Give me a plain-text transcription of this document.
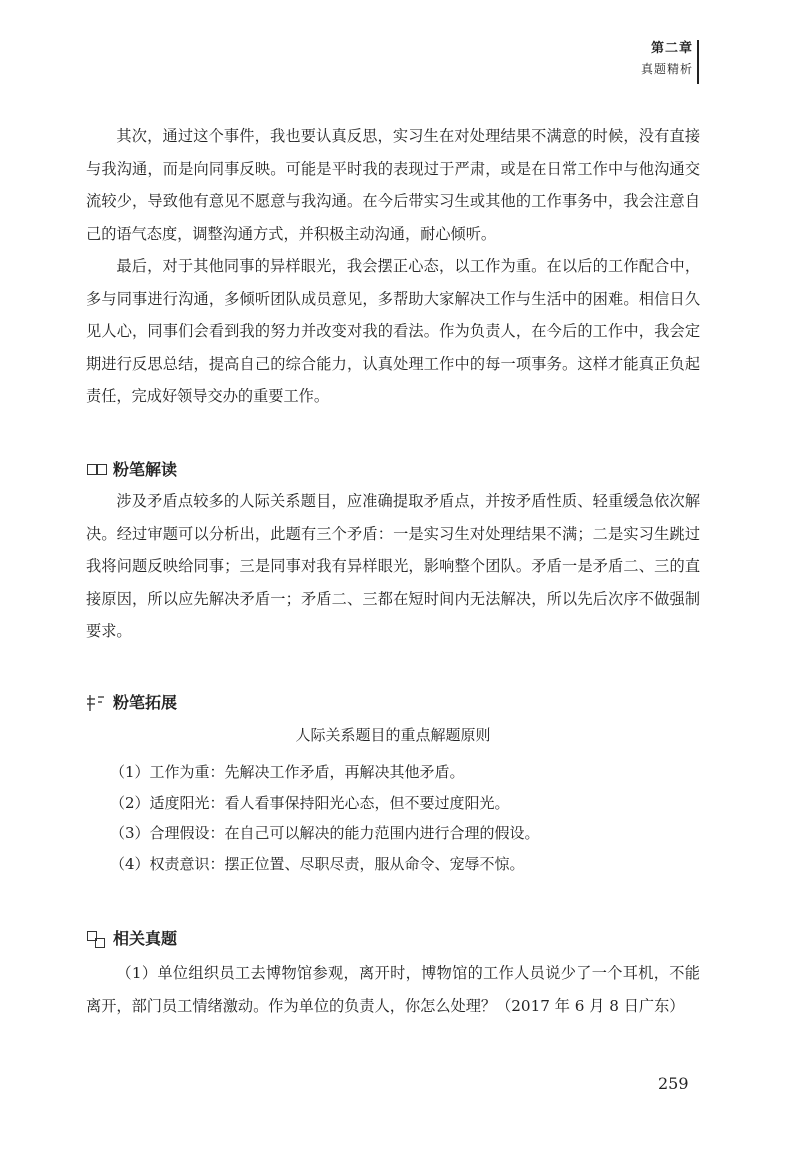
第二章
真题精析

其次，通过这个事件，我也要认真反思，实习生在对处理结果不满意的时候，没有直接与我沟通，而是向同事反映。可能是平时我的表现过于严肃，或是在日常工作中与他沟通交流较少，导致他有意见不愿意与我沟通。在今后带实习生或其他的工作事务中，我会注意自己的语气态度，调整沟通方式，并积极主动沟通，耐心倾听。

最后，对于其他同事的异样眼光，我会摆正心态，以工作为重。在以后的工作配合中，多与同事进行沟通，多倾听团队成员意见，多帮助大家解决工作与生活中的困难。相信日久见人心，同事们会看到我的努力并改变对我的看法。作为负责人，在今后的工作中，我会定期进行反思总结，提高自己的综合能力，认真处理工作中的每一项事务。这样才能真正负起责任，完成好领导交办的重要工作。

粉笔解读

涉及矛盾点较多的人际关系题目，应准确提取矛盾点，并按矛盾性质、轻重缓急依次解决。经过审题可以分析出，此题有三个矛盾：一是实习生对处理结果不满；二是实习生跳过我将问题反映给同事；三是同事对我有异样眼光，影响整个团队。矛盾一是矛盾二、三的直接原因，所以应先解决矛盾一；矛盾二、三都在短时间内无法解决，所以先后次序不做强制要求。

粉笔拓展
人际关系题目的重点解题原则
（1）工作为重：先解决工作矛盾，再解决其他矛盾。
（2）适度阳光：看人看事保持阳光心态，但不要过度阳光。
（3）合理假设：在自己可以解决的能力范围内进行合理的假设。
（4）权责意识：摆正位置、尽职尽责，服从命令、宠辱不惊。
相关真题

（1）单位组织员工去博物馆参观，离开时，博物馆的工作人员说少了一个耳机，不能离开，部门员工情绪激动。作为单位的负责人，你怎么处理？（2017 年 6 月 8 日广东）

259
